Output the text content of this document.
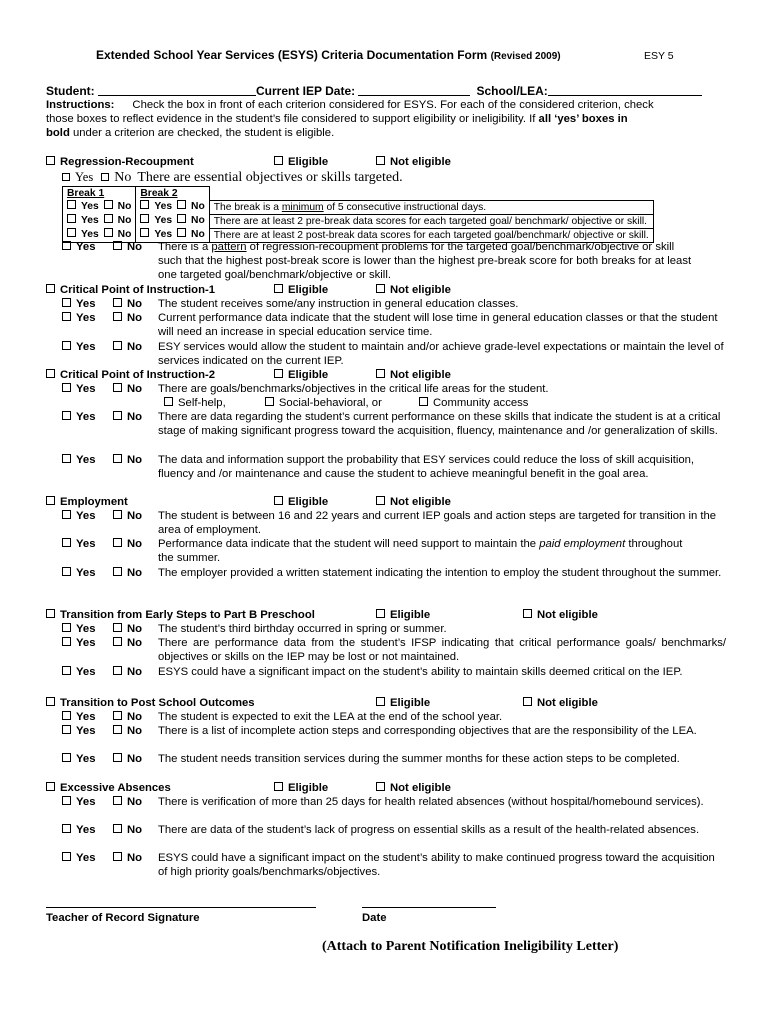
Extended School Year Services (ESYS) Criteria Documentation Form (Revised 2009)	ESY 5
Student:	Current IEP Date:	School/LEA:
Instructions: Check the box in front of each criterion considered for ESYS. For each of the considered criterion, check
those boxes to reflect evidence in the student’s file considered to support eligibility or ineligibility. If all ‘yes’ boxes in
bold under a criterion are checked, the student is eligible.
Regression-Recoupment	Eligible	Not eligible
Yes No There are essential objectives or skills targeted.
Break 1	Break 2	
Yes No	Yes No	The break is a minimum of 5 consecutive instructional days.
Yes No	Yes No	There are at least 2 pre-break data scores for each targeted goal/ benchmark/ objective or skill.
Yes No	Yes No	There are at least 2 post-break data scores for each targeted goal/benchmark/ objective or skill.
Yes	No There is a pattern of regression-recoupment problems for the targeted goal/benchmark/objective or skill
such that the highest post-break score is lower than the highest pre-break score for both breaks for at least
one targeted goal/benchmark/objective or skill.
Critical Point of Instruction-1	Eligible	Not eligible
Yes	No The student receives some/any instruction in general education classes.
Yes	No Current performance data indicate that the student will lose time in general education classes or that the student will need an increase in special education service time.
Yes	No ESY services would allow the student to maintain and/or achieve grade-level expectations or maintain the level of services indicated on the current IEP.
Critical Point of Instruction-2	Eligible	Not eligible
Yes	No There are goals/benchmarks/objectives in the critical life areas for the student.
Self-help,	Social-behavioral, or	Community access
Yes	No There are data regarding the student’s current performance on these skills that indicate the student is at a critical stage of making significant progress toward the acquisition, fluency, maintenance and /or generalization of skills.
Yes	No The data and information support the probability that ESY services could reduce the loss of skill acquisition, fluency and /or maintenance and cause the student to achieve meaningful benefit in the goal area.
Employment	Eligible	Not eligible
Yes	No The student is between 16 and 22 years and current IEP goals and action steps are targeted for transition in the area of employment.
Yes	No Performance data indicate that the student will need support to maintain the paid employment throughout
the summer.
Yes	No The employer provided a written statement indicating the intention to employ the student throughout the summer.
Transition from Early Steps to Part B Preschool	Eligible	Not eligible
Yes	No The student’s third birthday occurred in spring or summer.
Yes	No There are performance data from the student’s IFSP indicating that critical performance goals/ benchmarks/ objectives or skills on the IEP may be lost or not maintained.
Yes	No ESYS could have a significant impact on the student’s ability to maintain skills deemed critical on the IEP.
Transition to Post School Outcomes	Eligible	Not eligible
Yes	No The student is expected to exit the LEA at the end of the school year.
Yes	No There is a list of incomplete action steps and corresponding objectives that are the responsibility of the LEA.
Yes	No The student needs transition services during the summer months for these action steps to be completed.
Excessive Absences	Eligible	Not eligible
Yes	No There is verification of more than 25 days for health related absences (without hospital/homebound services).
Yes	No There are data of the student’s lack of progress on essential skills as a result of the health-related absences.
Yes	No ESYS could have a significant impact on the student’s ability to make continued progress toward the acquisition of high priority goals/benchmarks/objectives.
Teacher of Record Signature	Date
(Attach to Parent Notification Ineligibility Letter)
